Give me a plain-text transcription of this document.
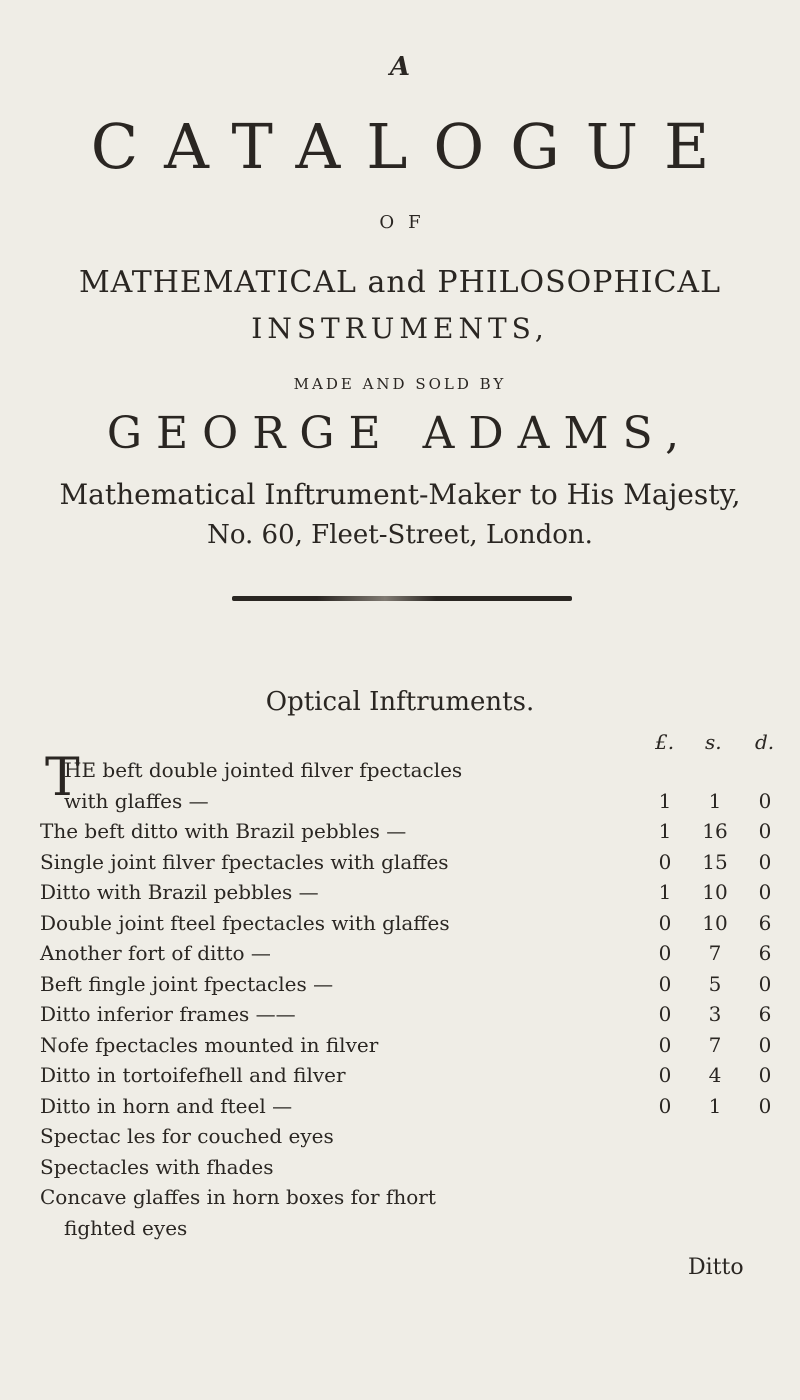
A
CATALOGUE
OF
MATHEMATICAL and PHILOSOPHICAL
INSTRUMENTS,
MADE AND SOLD BY
GEORGE ADAMS,
Mathematical Inftrument-Maker to His Majesty,
No. 60, Fleet-Street, London.
Optical Inftruments.
£. s. d.
T
HE beft double jointed filver fpectacles
with glaffes —	1	1	0
The beft ditto with Brazil pebbles —	1	16	0
Single joint filver fpectacles with glaffes	0	15	0
Ditto with Brazil pebbles —	1	10	0
Double joint fteel fpectacles with glaffes	0	10	6
Another fort of ditto —	0	7	6
Beft fingle joint fpectacles —	0	5	0
Ditto inferior frames ——	0	3	6
Nofe fpectacles mounted in filver	0	7	0
Ditto in tortoifefhell and filver	0	4	0
Ditto in horn and fteel —	0	1	0
Spectac les for couched eyes
Spectacles with fhades
Concave glaffes in horn boxes for fhort
fighted eyes
Ditto
